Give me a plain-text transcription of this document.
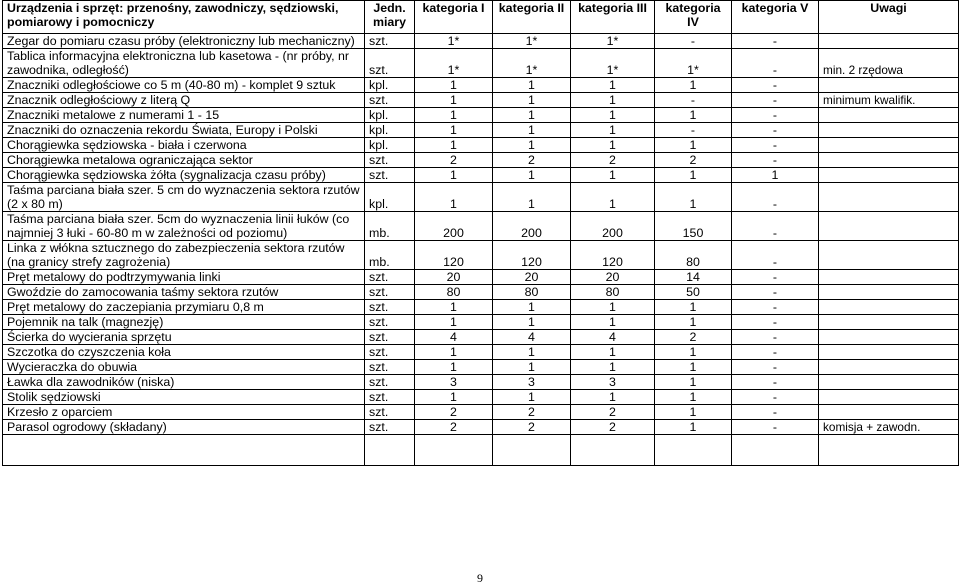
Urządzenia i sprzęt: przenośny, zawodniczy, sędziowski, pomiarowy i pomocniczy	Jedn. miary	kategoria I	kategoria II	kategoria III	kategoria IV	kategoria V	Uwagi
Zegar do pomiaru czasu próby (elektroniczny lub mechaniczny)	szt.	1*	1*	1*	-	-	
Tablica informacyjna elektroniczna lub kasetowa - (nr próby, nr zawodnika, odległość)	szt.	1*	1*	1*	1*	-	min. 2 rzędowa
Znaczniki odległościowe co 5 m (40-80 m) - komplet 9 sztuk	kpl.	1	1	1	1	-	
Znacznik odległościowy z literą Q	szt.	1	1	1	-	-	minimum kwalifik.
Znaczniki metalowe z numerami 1 - 15	kpl.	1	1	1	1	-	
Znaczniki do oznaczenia rekordu Świata, Europy i Polski	kpl.	1	1	1	-	-	
Chorągiewka sędziowska - biała i czerwona	kpl.	1	1	1	1	-	
Chorągiewka metalowa ograniczająca sektor	szt.	2	2	2	2	-	
Chorągiewka sędziowska żółta (sygnalizacja czasu próby)	szt.	1	1	1	1	1	
Taśma parciana biała szer. 5 cm do wyznaczenia sektora rzutów (2 x 80 m)	kpl.	1	1	1	1	-	
Taśma parciana biała szer. 5cm do wyznaczenia linii łuków (co najmniej 3 łuki - 60-80 m w zależności od poziomu)	mb.	200	200	200	150	-	
Linka z włókna sztucznego do zabezpieczenia sektora rzutów (na granicy strefy zagrożenia)	mb.	120	120	120	80	-	
Pręt metalowy do podtrzymywania linki	szt.	20	20	20	14	-	
Gwoździe do zamocowania taśmy sektora rzutów	szt.	80	80	80	50	-	
Pręt metalowy do zaczepiania przymiaru 0,8 m	szt.	1	1	1	1	-	
Pojemnik na talk (magnezję)	szt.	1	1	1	1	-	
Ścierka do wycierania sprzętu	szt.	4	4	4	2	-	
Szczotka do czyszczenia koła	szt.	1	1	1	1	-	
Wycieraczka do obuwia	szt.	1	1	1	1	-	
Ławka dla zawodników (niska)	szt.	3	3	3	1	-	
Stolik sędziowski	szt.	1	1	1	1	-	
Krzesło z oparciem	szt.	2	2	2	1	-	
Parasol ogrodowy (składany)	szt.	2	2	2	1	-	komisja + zawodn.

9
